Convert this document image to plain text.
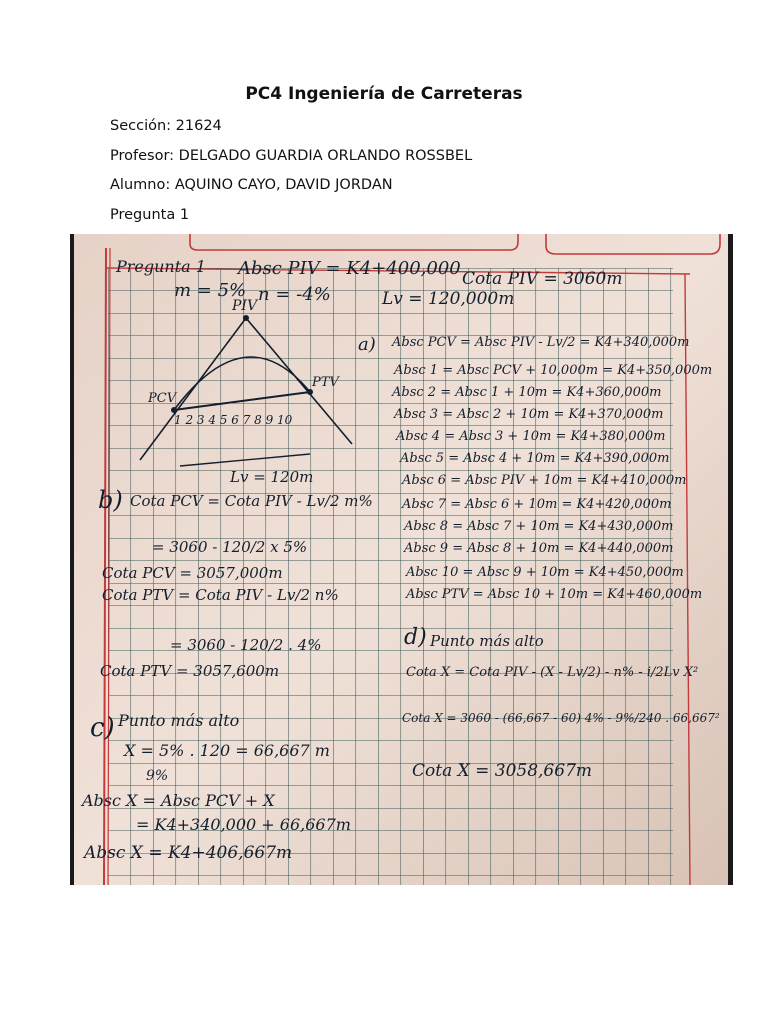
PC4 Ingeniería de Carreteras
Sección: 21624
Profesor: DELGADO GUARDIA ORLANDO ROSSBEL
Alumno: AQUINO CAYO, DAVID JORDAN
Pregunta 1
Pregunta 1 Absc PIV = K4+400,000 Cota PIV = 3060m
m = 5% n = -4%	Lv = 120,000m
PIV
PCV
PTV
1 2 3 4 5 6 7 8 9 10
Lv = 120m
a) Absc PCV = Absc PIV - Lv/2 = K4+340,000m
Absc 1 = Absc PCV + 10,000m = K4+350,000m
Absc 2 = Absc 1 + 10m = K4+360,000m
Absc 3 = Absc 2 + 10m = K4+370,000m
Absc 4 = Absc 3 + 10m = K4+380,000m
Absc 5 = Absc 4 + 10m = K4+390,000m
Absc 6 = Absc PIV + 10m = K4+410,000m
Absc 7 = Absc 6 + 10m = K4+420,000m
Absc 8 = Absc 7 + 10m = K4+430,000m
Absc 9 = Absc 8 + 10m = K4+440,000m
Absc 10 = Absc 9 + 10m = K4+450,000m
Absc PTV = Absc 10 + 10m = K4+460,000m
b) Cota PCV = Cota PIV - Lv/2 m%
= 3060 - 120/2 x 5%
Cota PCV = 3057,000m
Cota PTV = Cota PIV - Lv/2 n%
= 3060 - 120/2 . 4%
Cota PTV = 3057,600m
c) Punto más alto
X = 5% . 120 = 66,667 m
9%
Absc X = Absc PCV + X
= K4+340,000 + 66,667m
Absc X = K4+406,667m
d) Punto más alto
Cota X = Cota PIV - (X - Lv/2) - n% - i/2Lv X²
Cota X = 3060 - (66,667 - 60) 4% - 9%/240 . 66,667²
Cota X = 3058,667m
